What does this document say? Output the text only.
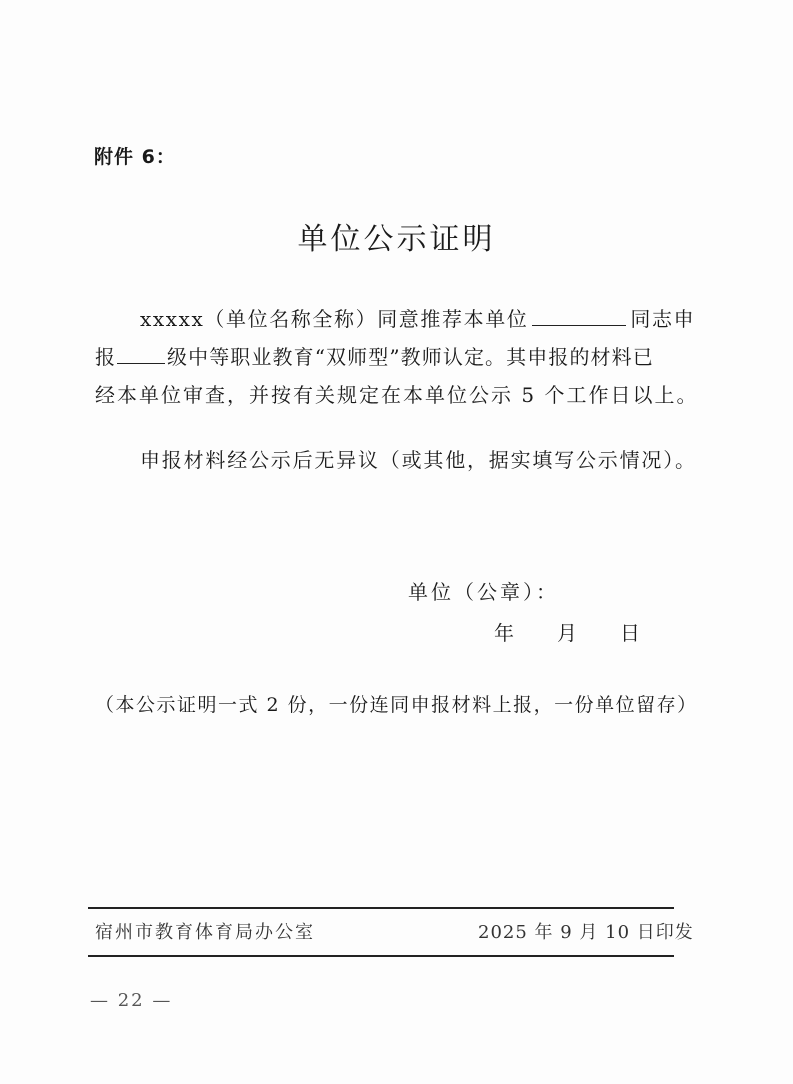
附件 6：
单位公示证明
xxxxx（单位名称全称）同意推荐本单位	同志申
报	级中等职业教育“双师型”教师认定。其申报的材料已
经本单位审查，并按有关规定在本单位公示 5 个工作日以上。
申报材料经公示后无异议（或其他，据实填写公示情况）。
单位（公章）：
年 月 日
（本公示证明一式 2 份，一份连同申报材料上报，一份单位留存）
宿州市教育体育局办公室	2025 年 9 月 10 日印发
— 22 —
